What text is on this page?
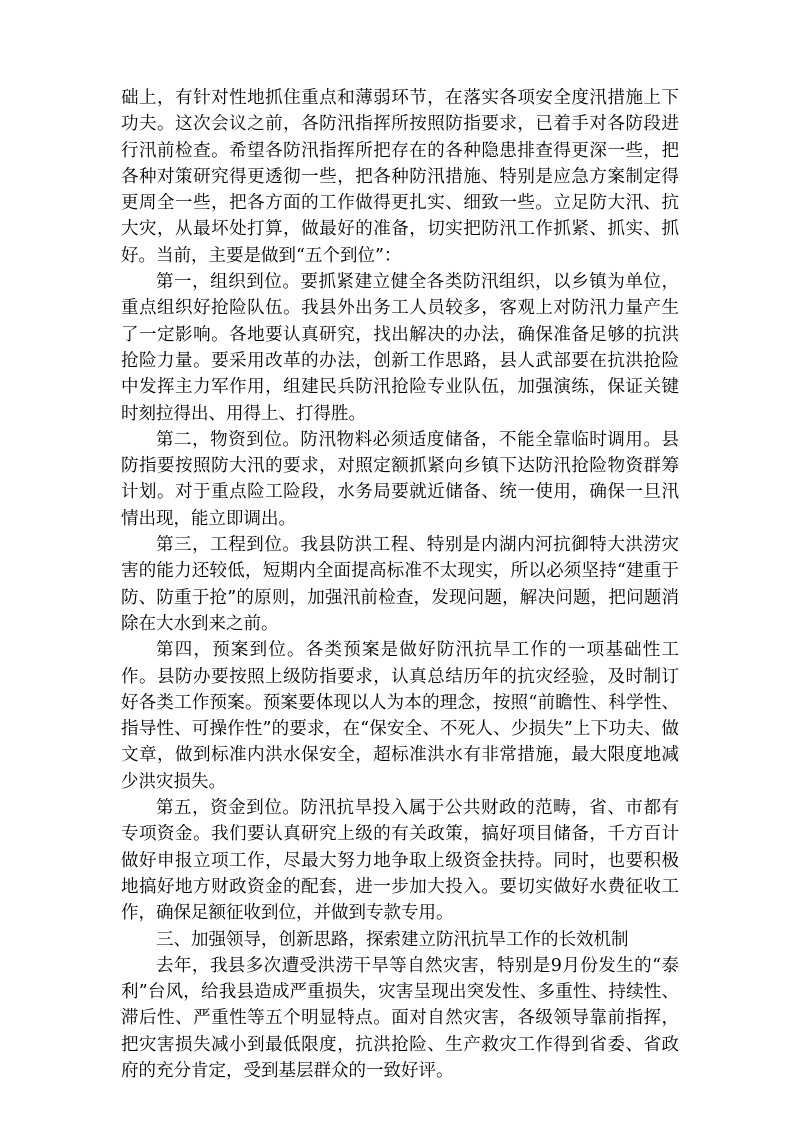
础上，有针对性地抓住重点和薄弱环节，在落实各项安全度汛措施上下功夫。这次会议之前，各防汛指挥所按照防指要求，已着手对各防段进行汛前检查。希望各防汛指挥所把存在的各种隐患排查得更深一些，把各种对策研究得更透彻一些，把各种防汛措施、特别是应急方案制定得更周全一些，把各方面的工作做得更扎实、细致一些。立足防大汛、抗大灾，从最坏处打算，做最好的准备，切实把防汛工作抓紧、抓实、抓好。当前，主要是做到“五个到位”：

第一，组织到位。要抓紧建立健全各类防汛组织，以乡镇为单位，重点组织好抢险队伍。我县外出务工人员较多，客观上对防汛力量产生了一定影响。各地要认真研究，找出解决的办法，确保准备足够的抗洪抢险力量。要采用改革的办法，创新工作思路，县人武部要在抗洪抢险中发挥主力军作用，组建民兵防汛抢险专业队伍，加强演练，保证关键时刻拉得出、用得上、打得胜。

第二，物资到位。防汛物料必须适度储备，不能全靠临时调用。县防指要按照防大汛的要求，对照定额抓紧向乡镇下达防汛抢险物资群筹计划。对于重点险工险段，水务局要就近储备、统一使用，确保一旦汛情出现，能立即调出。

第三，工程到位。我县防洪工程、特别是内湖内河抗御特大洪涝灾害的能力还较低，短期内全面提高标准不太现实，所以必须坚持“建重于防、防重于抢”的原则，加强汛前检查，发现问题，解决问题，把问题消除在大水到来之前。

第四，预案到位。各类预案是做好防汛抗旱工作的一项基础性工作。县防办要按照上级防指要求，认真总结历年的抗灾经验，及时制订好各类工作预案。预案要体现以人为本的理念，按照“前瞻性、科学性、指导性、可操作性”的要求，在“保安全、不死人、少损失”上下功夫、做文章，做到标准内洪水保安全，超标准洪水有非常措施，最大限度地减少洪灾损失。

第五，资金到位。防汛抗旱投入属于公共财政的范畴，省、市都有专项资金。我们要认真研究上级的有关政策，搞好项目储备，千方百计做好申报立项工作，尽最大努力地争取上级资金扶持。同时，也要积极地搞好地方财政资金的配套，进一步加大投入。要切实做好水费征收工作，确保足额征收到位，并做到专款专用。

三、加强领导，创新思路，探索建立防汛抗旱工作的长效机制

去年，我县多次遭受洪涝干旱等自然灾害，特别是9月份发生的“泰利”台风，给我县造成严重损失，灾害呈现出突发性、多重性、持续性、滞后性、严重性等五个明显特点。面对自然灾害，各级领导靠前指挥，把灾害损失减小到最低限度，抗洪抢险、生产救灾工作得到省委、省政府的充分肯定，受到基层群众的一致好评。
